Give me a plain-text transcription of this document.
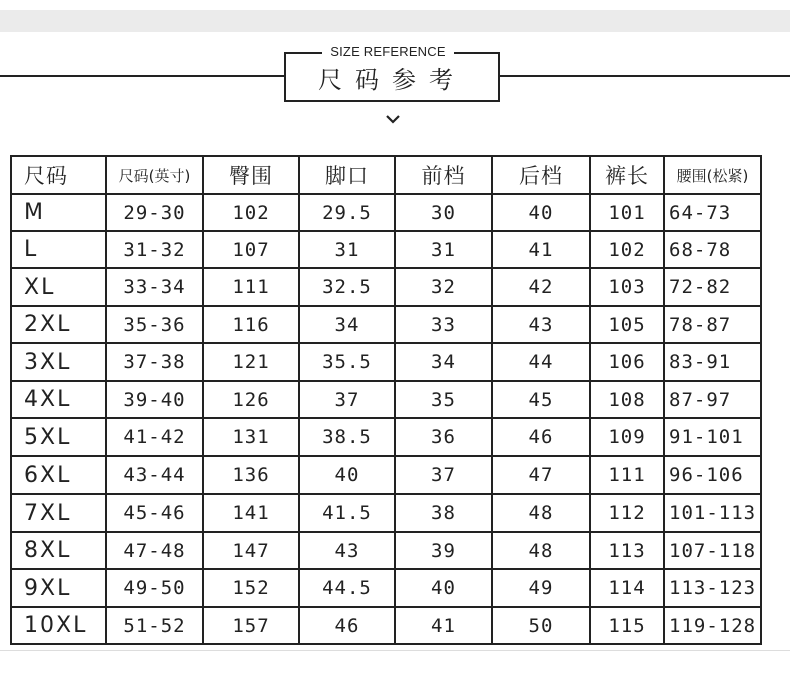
SIZE REFERENCE
尺码参考
尺码	尺码(英寸)	臀围	脚口	前档	后档	裤长	腰围(松紧)
M	29-30	102	29.5	30	40	101	64-73
L	31-32	107	31	31	41	102	68-78
XL	33-34	111	32.5	32	42	103	72-82
2XL	35-36	116	34	33	43	105	78-87
3XL	37-38	121	35.5	34	44	106	83-91
4XL	39-40	126	37	35	45	108	87-97
5XL	41-42	131	38.5	36	46	109	91-101
6XL	43-44	136	40	37	47	111	96-106
7XL	45-46	141	41.5	38	48	112	101-113
8XL	47-48	147	43	39	48	113	107-118
9XL	49-50	152	44.5	40	49	114	113-123
10XL	51-52	157	46	41	50	115	119-128
